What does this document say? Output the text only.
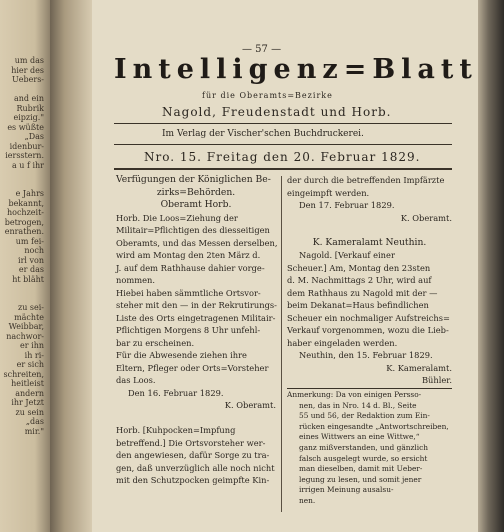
um das
hier des
Uebers-
and ein
Rubrik
eipzig."
es wüßte
„Das
idenbur-
iersstern.
a u f ihr
e Jahrs
bekannt,
hochzeit-
betrogen,
enrathen.
um fei-
noch
irl von
er das
ht bläht
zu sei-
mächte
Weibbar,
nachwor-
er ihn
ih ri-
er sich
schreiten,
heitleist
andern
ihr Jetzt
zu sein
„das
mir."
— 57 —
Intelligenz=Blatt
für die Oberamts=Bezirke
Nagold, Freudenstadt und Horb.
Im Verlag der Vischer'schen Buchdruckerei.
Nro. 15. Freitag den 20. Februar 1829.
Verfügungen der Königlichen Be-
zirks=Behörden.
Oberamt Horb.
Horb. Die Loos=Ziehung der
Militair=Pflichtigen des diesseitigen
Oberamts, und das Messen derselben,
wird am Montag den 2ten März d.
J. auf dem Rathhause dahier vorge-
nommen.
Hiebei haben sämmtliche Ortsvor-
steher mit den — in der Rekrutirungs-
Liste des Orts eingetragenen Militair-
Pflichtigen Morgens 8 Uhr unfehl-
bar zu erscheinen.
Für die Abwesende ziehen ihre
Eltern, Pfleger oder Orts=Vorsteher
das Loos.
Den 16. Februar 1829.
K. Oberamt.

Horb. [Kuhpocken=Impfung
betreffend.] Die Ortsvorsteher wer-
den angewiesen, dafür Sorge zu tra-
gen, daß unverzüglich alle noch nicht
mit den Schutzpocken geimpfte Kin-
der durch die betreffenden Impfärzte
eingeimpft werden.
Den 17. Februar 1829.
K. Oberamt.

K. Kameralamt Neuthin.
Nagold. [Verkauf einer
Scheuer.] Am, Montag den 23sten
d. M. Nachmittags 2 Uhr, wird auf
dem Rathhaus zu Nagold mit der —
beim Dekanat=Haus befindlichen
Scheuer ein nochmaliger Aufstreichs=
Verkauf vorgenommen, wozu die Lieb-
haber eingeladen werden.
Neuthin, den 15. Februar 1829.
K. Kameralamt.
Bühler.
Anmerkung: Da von einigen Persso-
nen, das in Nro. 14 d. Bl., Seite
55 und 56, der Redaktion zum Ein-
rücken eingesandte „Antwortschreiben,
eines Wittwers an eine Wittwe,“
ganz mißverstanden, und gänzlich
falsch ausgelegt wurde, so ersicht
man dieselben, damit mit Ueber-
legung zu lesen, und somit jener
irrigen Meinung ausalsu-
nen.
